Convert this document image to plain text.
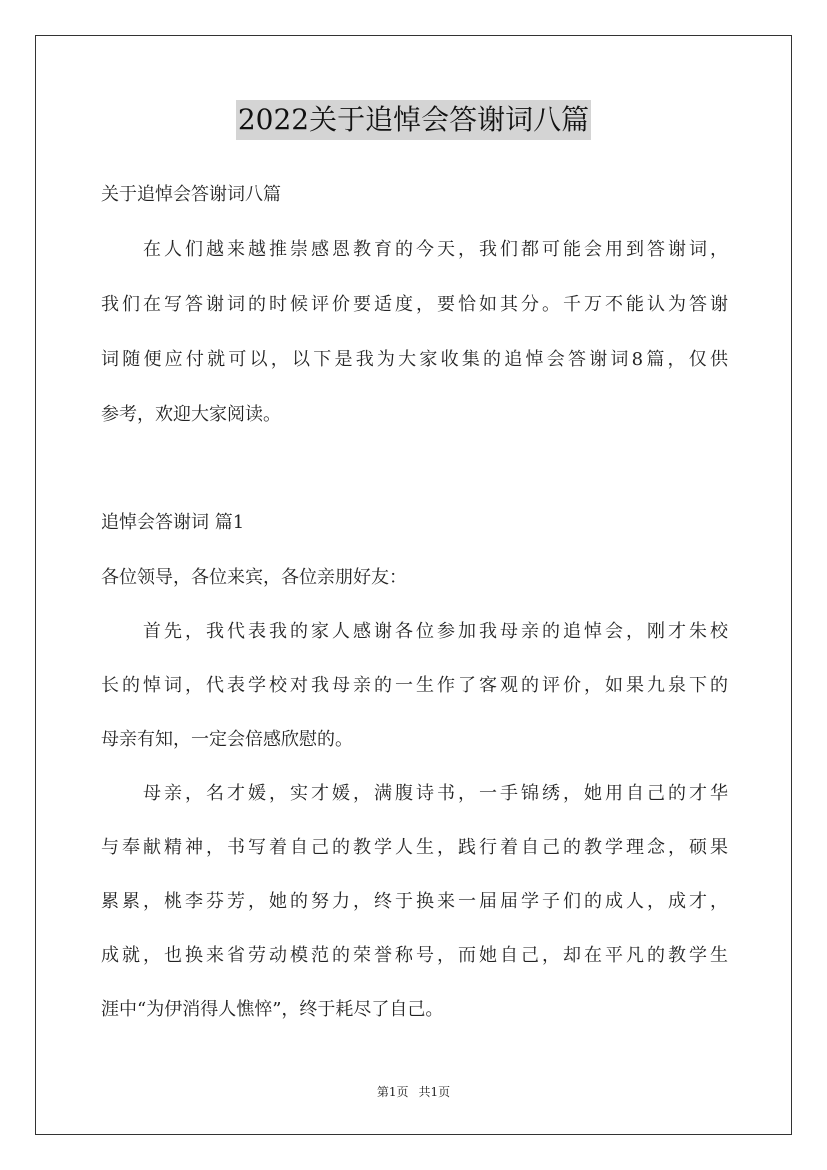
2022关于追悼会答谢词八篇
关于追悼会答谢词八篇
在人们越来越推崇感恩教育的今天，我们都可能会用到答谢词，
我们在写答谢词的时候评价要适度，要恰如其分。千万不能认为答谢
词随便应付就可以，以下是我为大家收集的追悼会答谢词8篇，仅供
参考，欢迎大家阅读。
追悼会答谢词 篇1
各位领导，各位来宾，各位亲朋好友：
首先，我代表我的家人感谢各位参加我母亲的追悼会，刚才朱校
长的悼词，代表学校对我母亲的一生作了客观的评价，如果九泉下的
母亲有知，一定会倍感欣慰的。
母亲，名才媛，实才媛，满腹诗书，一手锦绣，她用自己的才华
与奉献精神，书写着自己的教学人生，践行着自己的教学理念，硕果
累累，桃李芬芳，她的努力，终于换来一届届学子们的成人，成才，
成就，也换来省劳动模范的荣誉称号，而她自己，却在平凡的教学生
涯中“为伊消得人憔悴”，终于耗尽了自己。
第1页 共1页
